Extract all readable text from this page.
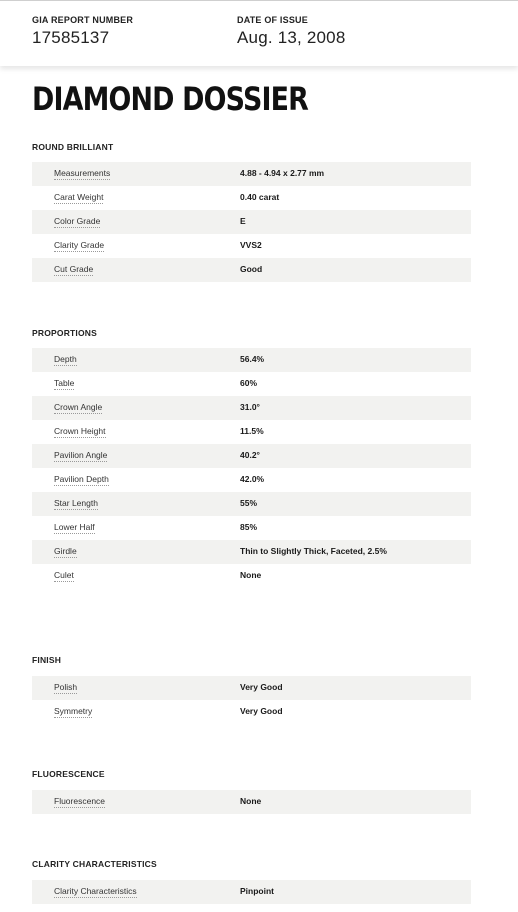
GIA REPORT NUMBER
17585137
DATE OF ISSUE
Aug. 13, 2008
DIAMOND DOSSIER
ROUND BRILLIANT
Measurements	4.88 - 4.94 x 2.77 mm
Carat Weight	0.40 carat
Color Grade	E
Clarity Grade	VVS2
Cut Grade	Good
PROPORTIONS
Depth	56.4%
Table	60%
Crown Angle	31.0°
Crown Height	11.5%
Pavilion Angle	40.2°
Pavilion Depth	42.0%
Star Length	55%
Lower Half	85%
Girdle	Thin to Slightly Thick, Faceted, 2.5%
Culet	None
FINISH
Polish	Very Good
Symmetry	Very Good
FLUORESCENCE
Fluorescence	None
CLARITY CHARACTERISTICS
Clarity Characteristics	Pinpoint
